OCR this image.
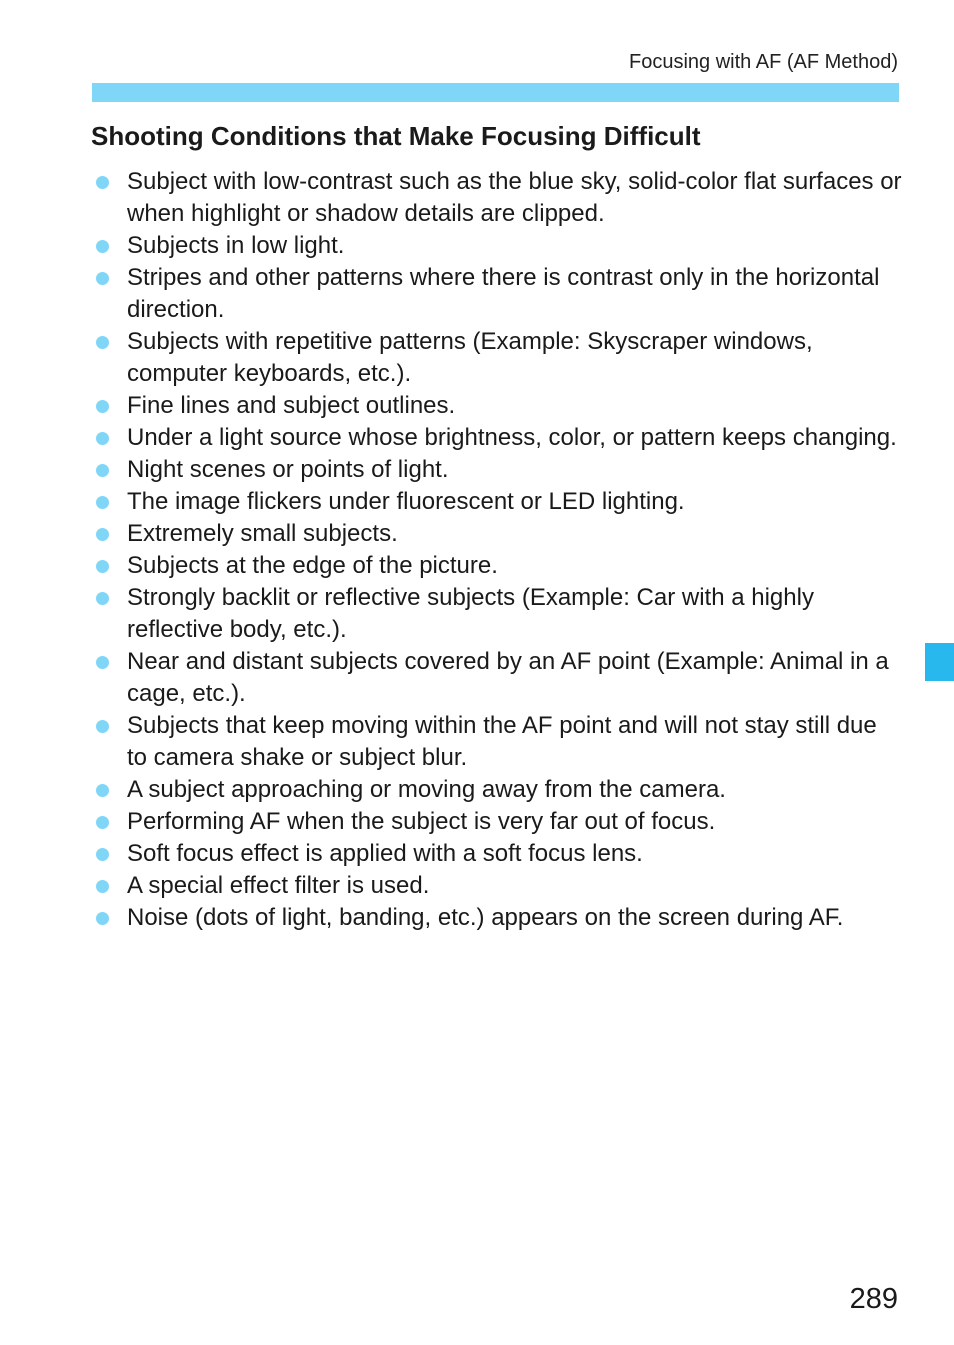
Focusing with AF (AF Method)
Shooting Conditions that Make Focusing Difficult
Subject with low-contrast such as the blue sky, solid-color flat surfaces or when highlight or shadow details are clipped.
Subjects in low light.
Stripes and other patterns where there is contrast only in the horizontal direction.
Subjects with repetitive patterns (Example: Skyscraper windows, computer keyboards, etc.).
Fine lines and subject outlines.
Under a light source whose brightness, color, or pattern keeps changing.
Night scenes or points of light.
The image flickers under fluorescent or LED lighting.
Extremely small subjects.
Subjects at the edge of the picture.
Strongly backlit or reflective subjects (Example: Car with a highly reflective body, etc.).
Near and distant subjects covered by an AF point (Example: Animal in a cage, etc.).
Subjects that keep moving within the AF point and will not stay still due to camera shake or subject blur.
A subject approaching or moving away from the camera.
Performing AF when the subject is very far out of focus.
Soft focus effect is applied with a soft focus lens.
A special effect filter is used.
Noise (dots of light, banding, etc.) appears on the screen during AF.
289
